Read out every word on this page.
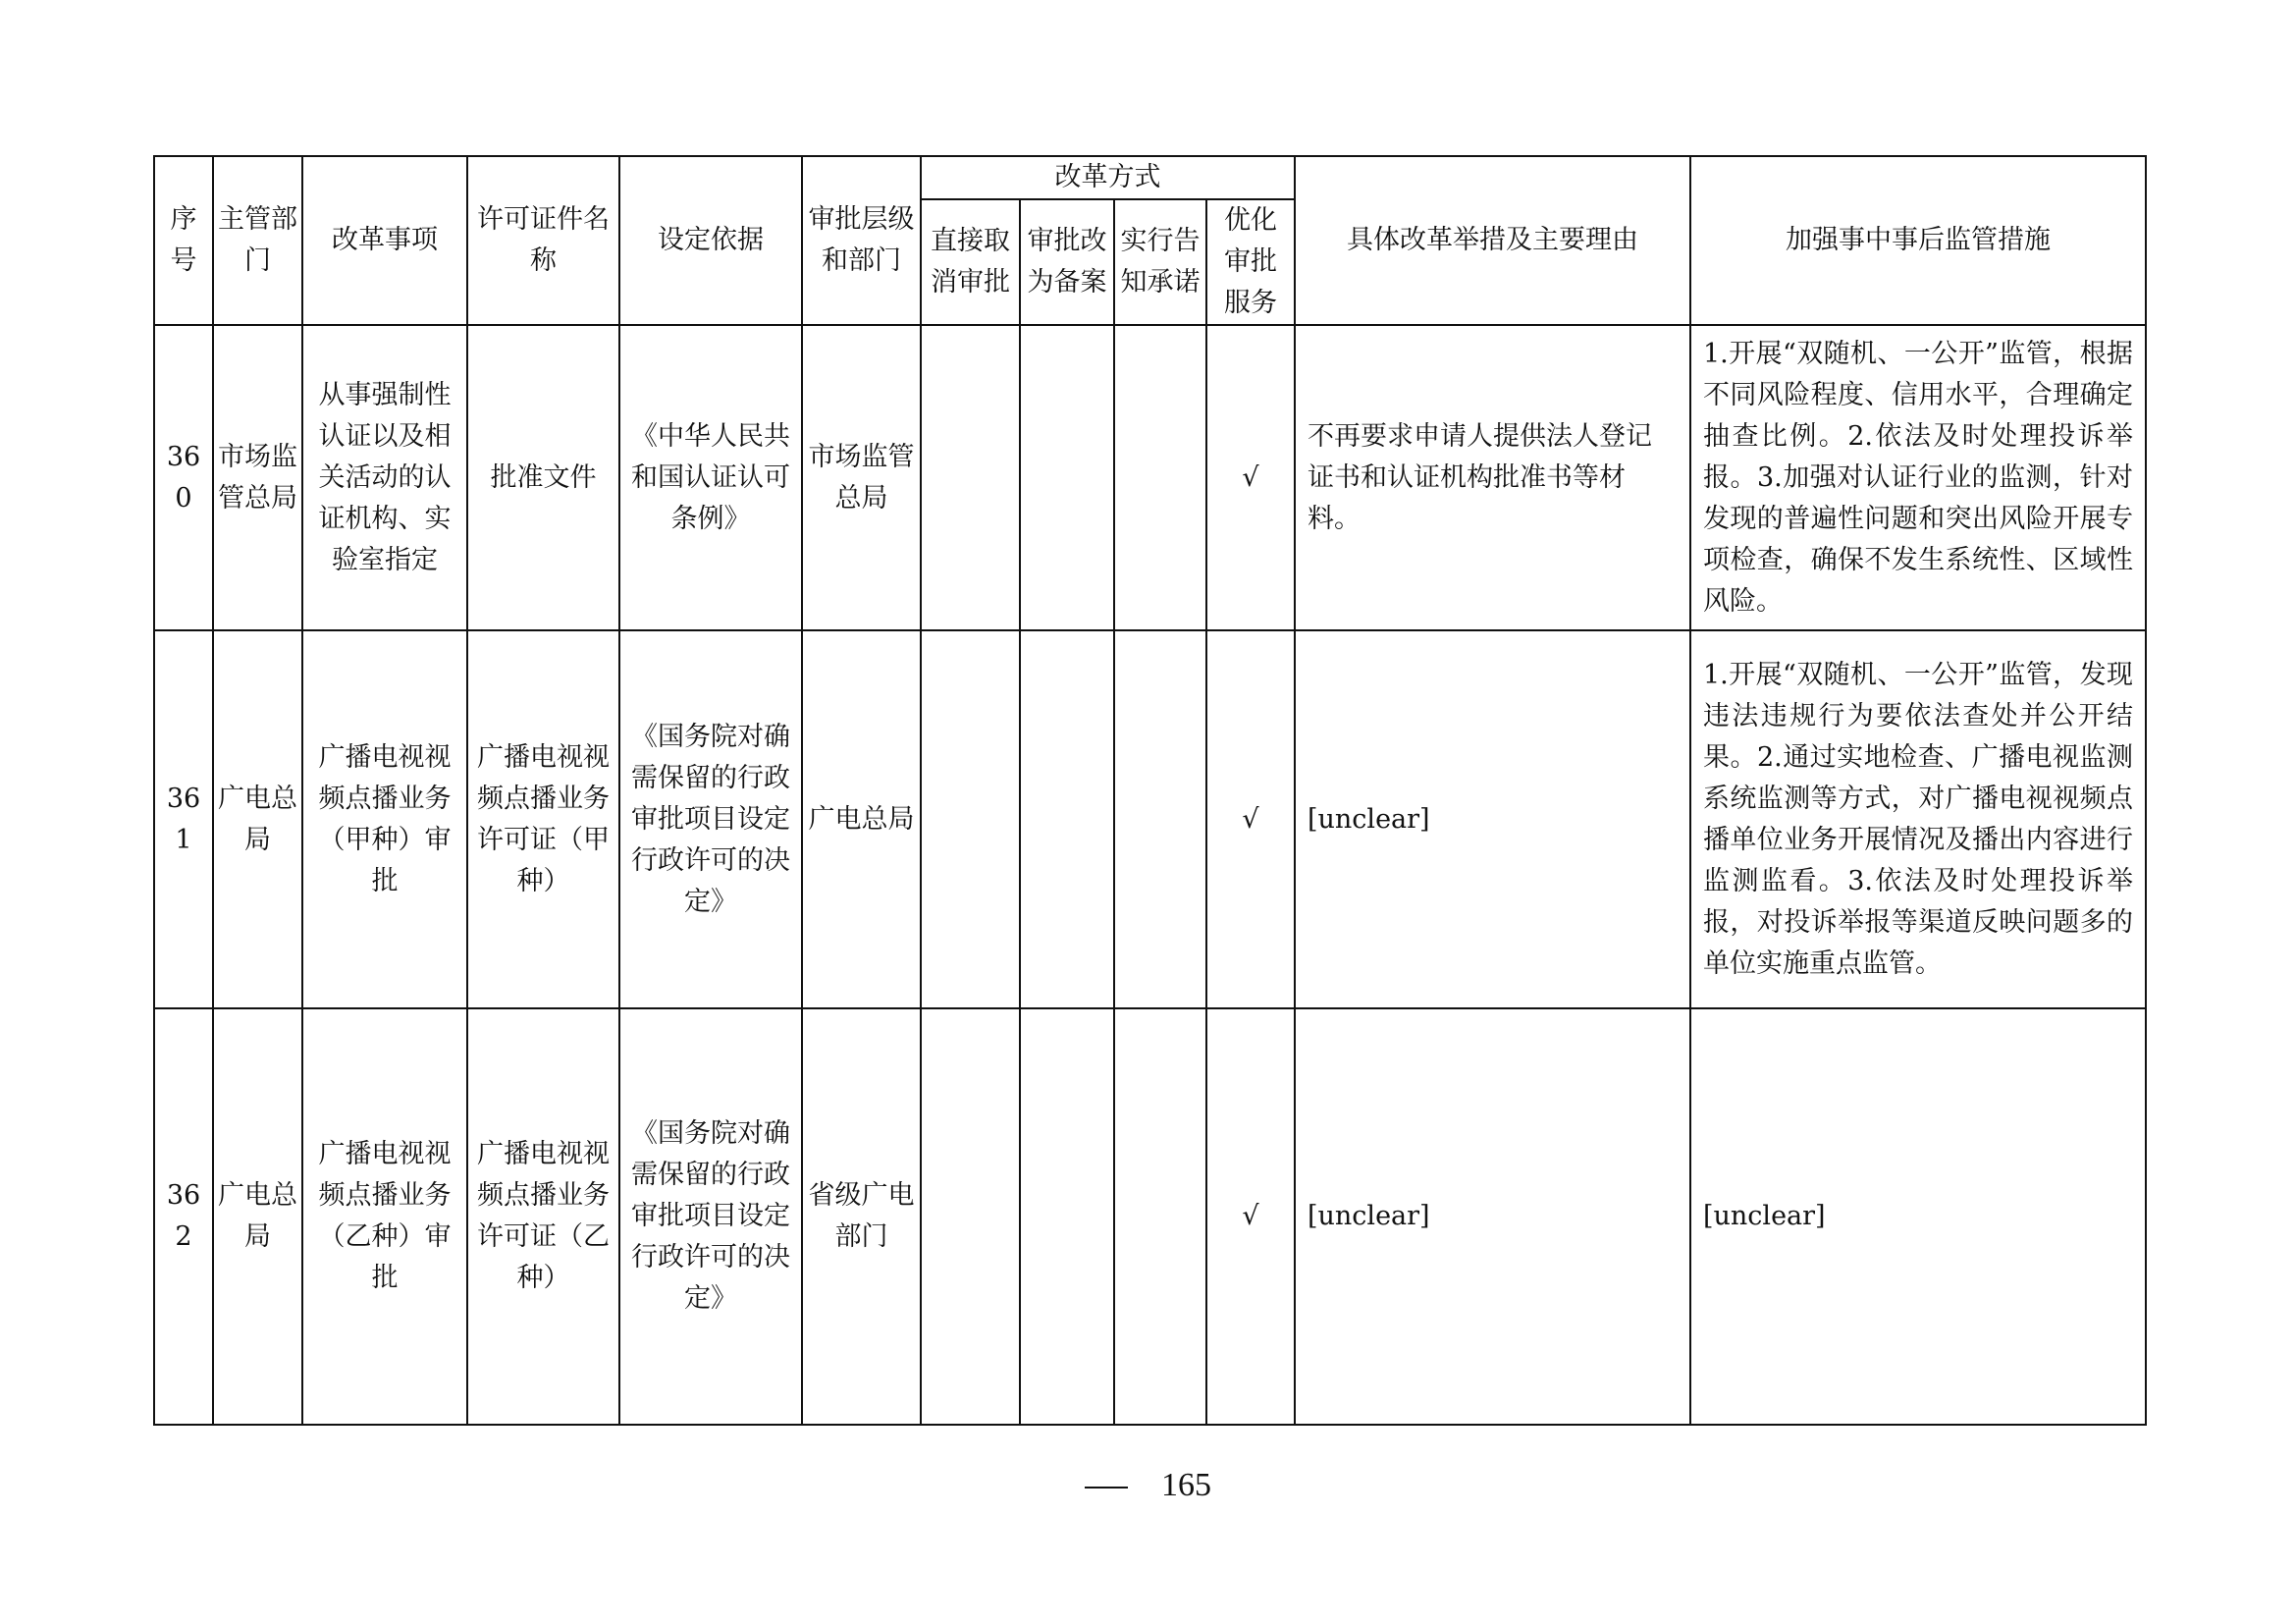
序号	主管部门	改革事项	许可证件名称	设定依据	审批层级和部门	改革方式				具体改革举措及主要理由	加强事中事后监管措施
						直接取消审批	审批改为备案	实行告知承诺	优化审批服务		
360	市场监管总局	从事强制性认证以及相关活动的认证机构、实验室指定	批准文件	《中华人民共和国认证认可条例》	市场监管总局				√	不再要求申请人提供法人登记证书和认证机构批准书等材料。	1.开展“双随机、一公开”监管，根据不同风险程度、信用水平，合理确定抽查比例。2.依法及时处理投诉举报。3.加强对认证行业的监测，针对发现的普遍性问题和突出风险开展专项检查，确保不发生系统性、区域性风险。
361	广电总局	广播电视视频点播业务（甲种）审批	广播电视视频点播业务许可证（甲种）	《国务院对确需保留的行政审批项目设定行政许可的决定》	广电总局				√	[unclear]	1.开展“双随机、一公开”监管，发现违法违规行为要依法查处并公开结果。2.通过实地检查、广播电视监测系统监测等方式，对广播电视视频点播单位业务开展情况及播出内容进行监测监看。3.依法及时处理投诉举报，对投诉举报等渠道反映问题多的单位实施重点监管。
362	广电总局	广播电视视频点播业务（乙种）审批	广播电视视频点播业务许可证（乙种）	《国务院对确需保留的行政审批项目设定行政许可的决定》	省级广电部门				√	[unclear]	[unclear]
165
